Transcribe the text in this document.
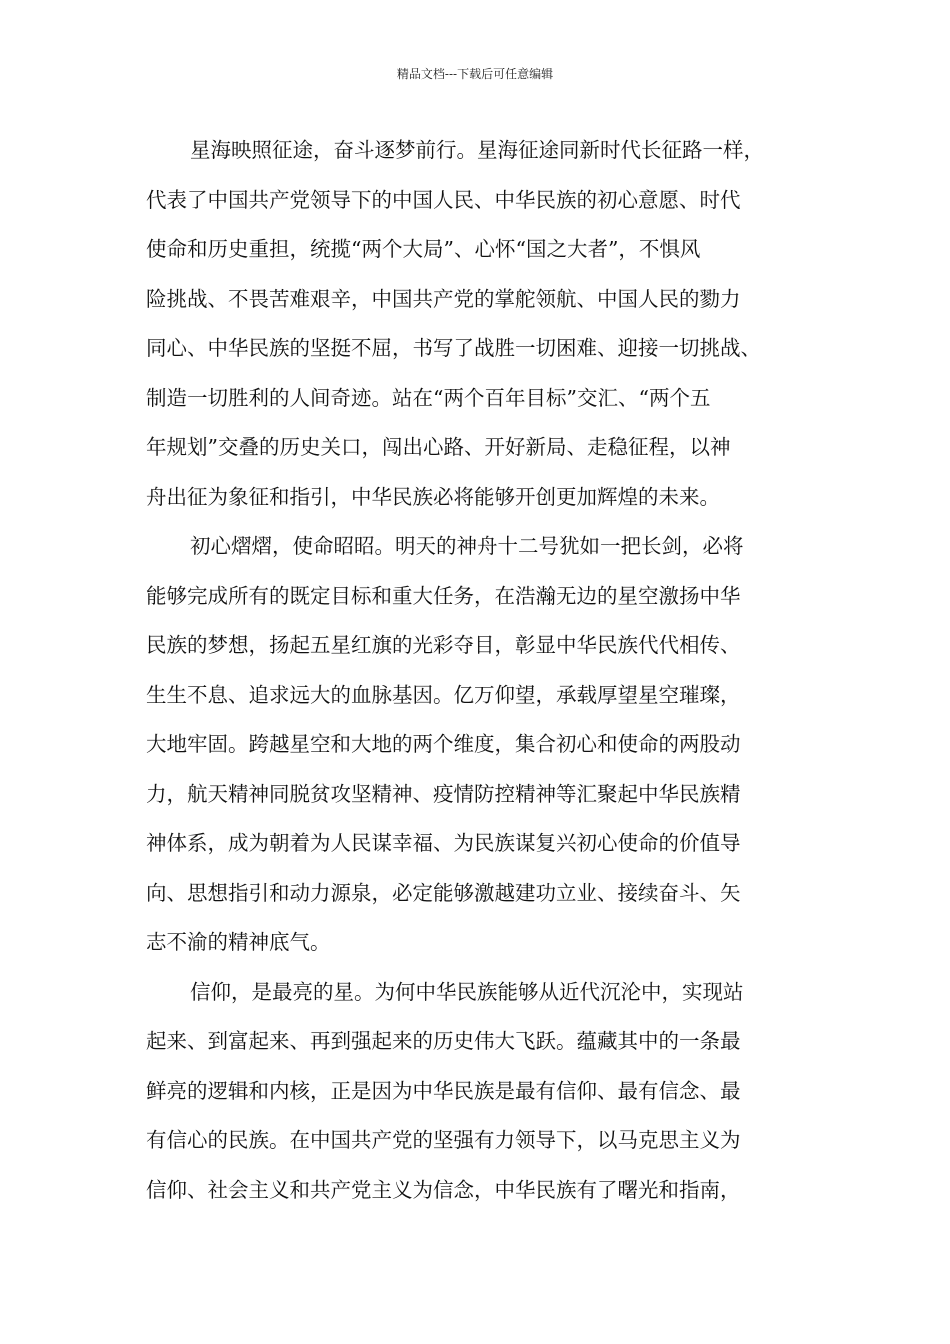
精品文档---下载后可任意编辑

星海映照征途，奋斗逐梦前行。星海征途同新时代长征路一样，
代表了中国共产党领导下的中国人民、中华民族的初心意愿、时代
使命和历史重担，统揽“两个大局”、心怀“国之大者”，不惧风
险挑战、不畏苦难艰辛，中国共产党的掌舵领航、中国人民的勠力
同心、中华民族的坚挺不屈，书写了战胜一切困难、迎接一切挑战、
制造一切胜利的人间奇迹。站在“两个百年目标”交汇、“两个五
年规划”交叠的历史关口，闯出心路、开好新局、走稳征程，以神
舟出征为象征和指引，中华民族必将能够开创更加辉煌的未来。

初心熠熠，使命昭昭。明天的神舟十二号犹如一把长剑，必将
能够完成所有的既定目标和重大任务，在浩瀚无边的星空激扬中华
民族的梦想，扬起五星红旗的光彩夺目，彰显中华民族代代相传、
生生不息、追求远大的血脉基因。亿万仰望，承载厚望星空璀璨，
大地牢固。跨越星空和大地的两个维度，集合初心和使命的两股动
力，航天精神同脱贫攻坚精神、疫情防控精神等汇聚起中华民族精
神体系，成为朝着为人民谋幸福、为民族谋复兴初心使命的价值导
向、思想指引和动力源泉，必定能够激越建功立业、接续奋斗、矢
志不渝的精神底气。

信仰，是最亮的星。为何中华民族能够从近代沉沦中，实现站
起来、到富起来、再到强起来的历史伟大飞跃。蕴藏其中的一条最
鲜亮的逻辑和内核，正是因为中华民族是最有信仰、最有信念、最
有信心的民族。在中国共产党的坚强有力领导下，以马克思主义为
信仰、社会主义和共产党主义为信念，中华民族有了曙光和指南，
